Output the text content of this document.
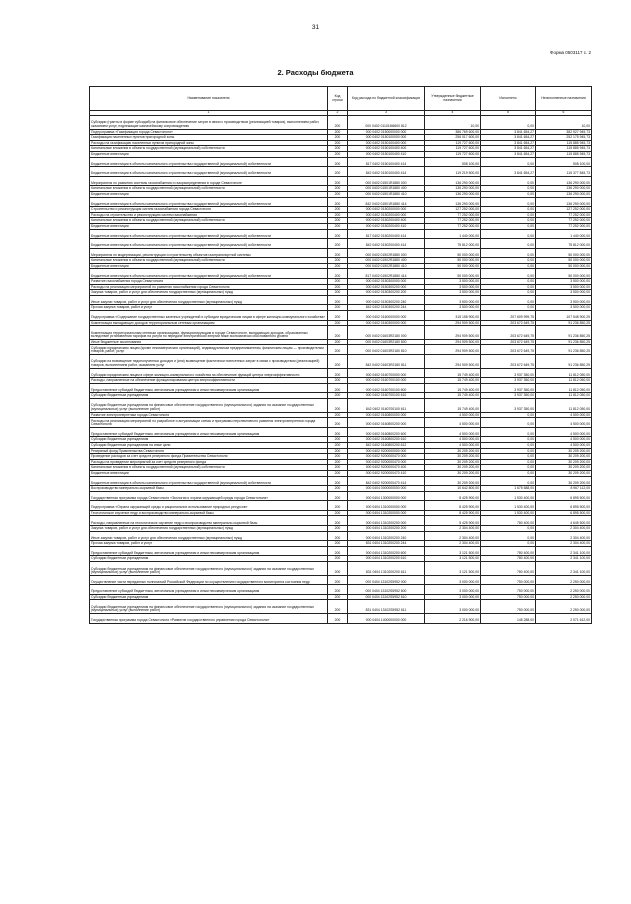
31
Форма 0503117 с. 2
2. Расходы бюджета
Наименование показателя	Код строки	Код расхода по бюджетной классификации	Утвержденные бюджетные назначения	Исполнено	Неисполненные назначения
1	2	3	4	5	6
Субсидии (гранты в форме субсидий) на финансовое обеспечение затрат в связи с производством (реализацией товаров), выполнением работ, оказанием услуг, подлежащие казначейскому сопровождению	200	000 0402 01101М6600 812	10,00	0,00	10,00
Подпрограмма «Газификация города Севастополя»	200	000 0402 0150000000 000	386 769 600,00	3 841 654,27	382 927 945,73
Газификация населенных пунктов пригородной зоны	200	000 0402 0150100000 000	256 017 600,00	3 841 654,27	252 175 945,73
Расходы на газификацию населенных пунктов пригородной зоны	200	000 0402 0150100400 000	119 727 600,00	3 841 654,27	115 885 945,73
Капитальные вложения в объекты государственной (муниципальной) собственности	200	000 0402 0150100400 400	119 727 600,00	3 841 654,27	115 885 945,73
Бюджетные инвестиции	200	000 0402 0150100400 410	119 727 600,00	3 841 654,27	115 885 945,73
Бюджетные инвестиции в объекты капитального строительства государственной (муниципальной) собственности	200	817 0402 0150100400 414	508 100,00	0,00	508 100,00
Бюджетные инвестиции в объекты капитального строительства государственной (муниципальной) собственности	200	842 0402 0150100400 414	119 219 500,00	3 841 654,27	115 377 845,73
Мероприятия по развитию системы газоснабжения и газораспределения в городе Севастополе	200	000 0402 01501R1880 000	136 290 000,00	0,00	136 290 000,00
Капитальные вложения в объекты государственной (муниципальной) собственности	200	000 0402 01501R1880 400	136 290 000,00	0,00	136 290 000,00
Бюджетные инвестиции	200	000 0402 01501R1880 410	136 290 000,00	0,00	136 290 000,00
Бюджетные инвестиции в объекты капитального строительства государственной (муниципальной) собственности	200	842 0402 01501R1880 414	136 290 000,00	0,00	136 290 000,00
Строительство и реконструкция систем газоснабжения города Севастополя	200	000 0402 0150200000 000	127 252 000,00	0,00	127 252 000,00
Расходы на строительство и реконструкцию систем газоснабжения	200	000 0402 0150200400 000	77 252 000,00	0,00	77 252 000,00
Капитальные вложения в объекты государственной (муниципальной) собственности	200	000 0402 0150200400 400	77 252 000,00	0,00	77 252 000,00
Бюджетные инвестиции	200	000 0402 0150200400 410	77 252 000,00	0,00	77 252 000,00
Бюджетные инвестиции в объекты капитального строительства государственной (муниципальной) собственности	200	817 0402 0150200400 414	1 440 000,00	0,00	1 440 000,00
Бюджетные инвестиции в объекты капитального строительства государственной (муниципальной) собственности	200	842 0402 0150200400 414	75 812 000,00	0,00	75 812 000,00
Мероприятия по модернизации, реконструкции и строительству объектов газотранспортной системы	200	000 0402 01502R1880 000	50 000 000,00	0,00	50 000 000,00
Капитальные вложения в объекты государственной (муниципальной) собственности	200	000 0402 01502R1880 400	50 000 000,00	0,00	50 000 000,00
Бюджетные инвестиции	200	000 0402 01502R1880 410	50 000 000,00	0,00	50 000 000,00
Бюджетные инвестиции в объекты капитального строительства государственной (муниципальной) собственности	200	817 0402 01502R1880 414	50 000 000,00	0,00	50 000 000,00
Развитие газоснабжения города Севастополя	200	000 0402 0150300000 000	3 500 000,00	0,00	3 500 000,00
Расходы на реализацию мероприятий по развитию газоснабжения города Севастополя	200	000 0402 0150300200 000	3 500 000,00	0,00	3 500 000,00
Закупка товаров, работ и услуг для обеспечения государственных (муниципальных) нужд	200	000 0402 0150300200 200	3 500 000,00	0,00	3 500 000,00
Иные закупки товаров, работ и услуг для обеспечения государственных (муниципальных) нужд	200	000 0402 0150300200 240	3 500 000,00	0,00	3 500 000,00
Прочая закупка товаров, работ и услуг	200	842 0402 0150300200 244	3 500 000,00	0,00	3 500 000,00
Подпрограмма «Содержание государственных казенных учреждений и субсидии юридическим лицам в сфере жилищно-коммунального хозяйства»	200	000 0402 0160000000 000	315 158 900,00	207 609 999,75	107 548 900,25
Компенсация выпадающих доходов территориальным сетевым организациям	200	000 0402 0160300000 000	294 909 500,00	203 672 649,75	91 236 850,25
Компенсация территориальным сетевым организациям, функционирующим в городе Севастополе, выпадающих доходов, образованных вследствие установления тарифов на услуги по передаче электрической энергии ниже экономически обоснованного уровня	200	000 0402 01603R2180 000	294 909 500,00	203 672 649,75	91 236 850,25
Иные бюджетные ассигнования	200	000 0402 01603R2180 800	294 909 500,00	203 672 649,75	91 236 850,25
Субсидии юридическим лицам (кроме некоммерческих организаций), индивидуальным предпринимателям, физическим лицам — производителям товаров, работ, услуг	200	000 0402 01603R2180 810	294 909 500,00	203 672 649,75	91 236 850,25
Субсидии на возмещение недополученных доходов и (или) возмещение фактически понесенных затрат в связи с производством (реализацией) товаров, выполнением работ, оказанием услуг	200	842 0402 01603R2180 811	294 909 500,00	203 672 649,75	91 236 850,25
Субсидии юридическим лицам в сфере жилищно-коммунального хозяйства на обеспечение функций центра энергоэффективности	200	000 0402 0160700000 000	15 749 400,00	3 937 350,00	11 812 050,00
Расходы, направленные на обеспечение функционирования центра энергоэффективности	200	000 0402 0160700100 000	15 749 400,00	3 937 350,00	11 812 050,00
Предоставление субсидий бюджетным, автономным учреждениям и иным некоммерческим организациям	200	000 0402 0160700100 600	15 749 400,00	3 937 350,00	11 812 050,00
Субсидии бюджетным учреждениям	200	000 0402 0160700100 610	15 749 400,00	3 937 350,00	11 812 050,00
Субсидии бюджетным учреждениям на финансовое обеспечение государственного (муниципального) задания на оказание государственных (муниципальных) услуг (выполнение работ)	200	842 0402 0160700100 611	15 749 400,00	3 937 350,00	11 812 050,00
Развитие электроэнергетики города Севастополя	200	000 0402 0160800000 000	4 500 000,00	0,00	4 500 000,00
Расходы на реализацию мероприятий по разработке и актуализации схемы и программы перспективного развития электроэнергетики города Севастополя	200	000 0402 0160800200 000	4 500 000,00	0,00	4 500 000,00
Предоставление субсидий бюджетным, автономным учреждениям и иным некоммерческим организациям	200	000 0402 0160800200 600	4 500 000,00	0,00	4 500 000,00
Субсидии бюджетным учреждениям	200	000 0402 0160800200 610	4 500 000,00	0,00	4 500 000,00
Субсидии бюджетным учреждениям на иные цели	200	842 0402 0160800200 612	4 500 000,00	0,00	4 500 000,00
Резервный фонд Правительства Севастополя	200	000 0402 9200000000 000	30 209 200,00	0,00	30 209 200,00
Проведение расходов за счет средств резервного фонда Правительства Севастополя	200	000 0402 9200000470 000	30 209 200,00	0,00	30 209 200,00
Расходы на проведение мероприятий за счет средств резервного фонда	200	000 0402 9200000470 000	30 209 200,00	0,00	30 209 200,00
Капитальные вложения в объекты государственной (муниципальной) собственности	200	000 0402 9200000470 400	30 209 200,00	0,00	30 209 200,00
Бюджетные инвестиции	200	000 0402 9200000470 410	30 209 200,00	0,00	30 209 200,00
Бюджетные инвестиции в объекты капитального строительства государственной (муниципальной) собственности	200	842 0402 9200000470 414	30 209 200,00	0,00	30 209 200,00
Воспроизводство минерально-сырьевой базы	200	000 0404 0000000000 000	10 642 800,00	1 675 688,00	8 967 112,00
Государственная программа города Севастополя «Экология и охрана окружающей среды города Севастополя»	200	000 0404 1300000000 000	8 425 900,00	1 530 400,00	6 895 500,00
Подпрограмма «Охрана окружающей среды и рациональное использование природных ресурсов»	200	000 0404 1310000000 000	8 425 900,00	1 530 400,00	6 895 500,00
Геологическое изучение недр и воспроизводство минерально-сырьевой базы	200	000 0404 1310200000 000	8 425 900,00	1 530 400,00	6 895 500,00
Расходы, направленные на геологическое изучение недр и воспроизводство минерально-сырьевой базы	200	000 0404 1310200200 000	5 425 900,00	780 400,00	4 645 500,00
Закупка товаров, работ и услуг для обеспечения государственных (муниципальных) нужд	200	000 0404 1310200200 200	2 304 400,00	0,00	2 304 400,00
Иные закупки товаров, работ и услуг для обеспечения государственных (муниципальных) нужд	200	000 0404 1310200200 240	2 304 400,00	0,00	2 304 400,00
Прочая закупка товаров, работ и услуг	200	831 0404 1310200200 244	2 304 400,00	0,00	2 304 400,00
Предоставление субсидий бюджетным, автономным учреждениям и иным некоммерческим организациям	200	000 0404 1310200200 600	3 121 500,00	780 400,00	2 341 100,00
Субсидии бюджетным учреждениям	200	000 0404 1310200200 610	3 121 500,00	780 400,00	2 341 100,00
Субсидии бюджетным учреждениям на финансовое обеспечение государственного (муниципального) задания на оказание государственных (муниципальных) услуг (выполнение работ)	200	831 0404 1310200200 611	3 121 500,00	780 400,00	2 341 100,00
Осуществление части переданных полномочий Российской Федерации по осуществлению государственного мониторинга состояния недр	200	000 0404 13102S5952 000	3 000 000,00	750 000,00	2 250 000,00
Предоставление субсидий бюджетным, автономным учреждениям и иным некоммерческим организациям	200	000 0404 13102S5952 600	3 000 000,00	750 000,00	2 250 000,00
Субсидии бюджетным учреждениям	200	000 0404 13102S5952 610	3 000 000,00	750 000,00	2 250 000,00
Субсидии бюджетным учреждениям на финансовое обеспечение государственного (муниципального) задания на оказание государственных (муниципальных) услуг (выполнение работ)	200	831 0404 13102S5952 611	3 000 000,00	750 000,00	2 250 000,00
Государственная программа города Севастополя «Развитие государственного управления города Севастополя»	200	000 0404 1400000000 000	2 216 900,00	145 288,00	2 071 612,00
